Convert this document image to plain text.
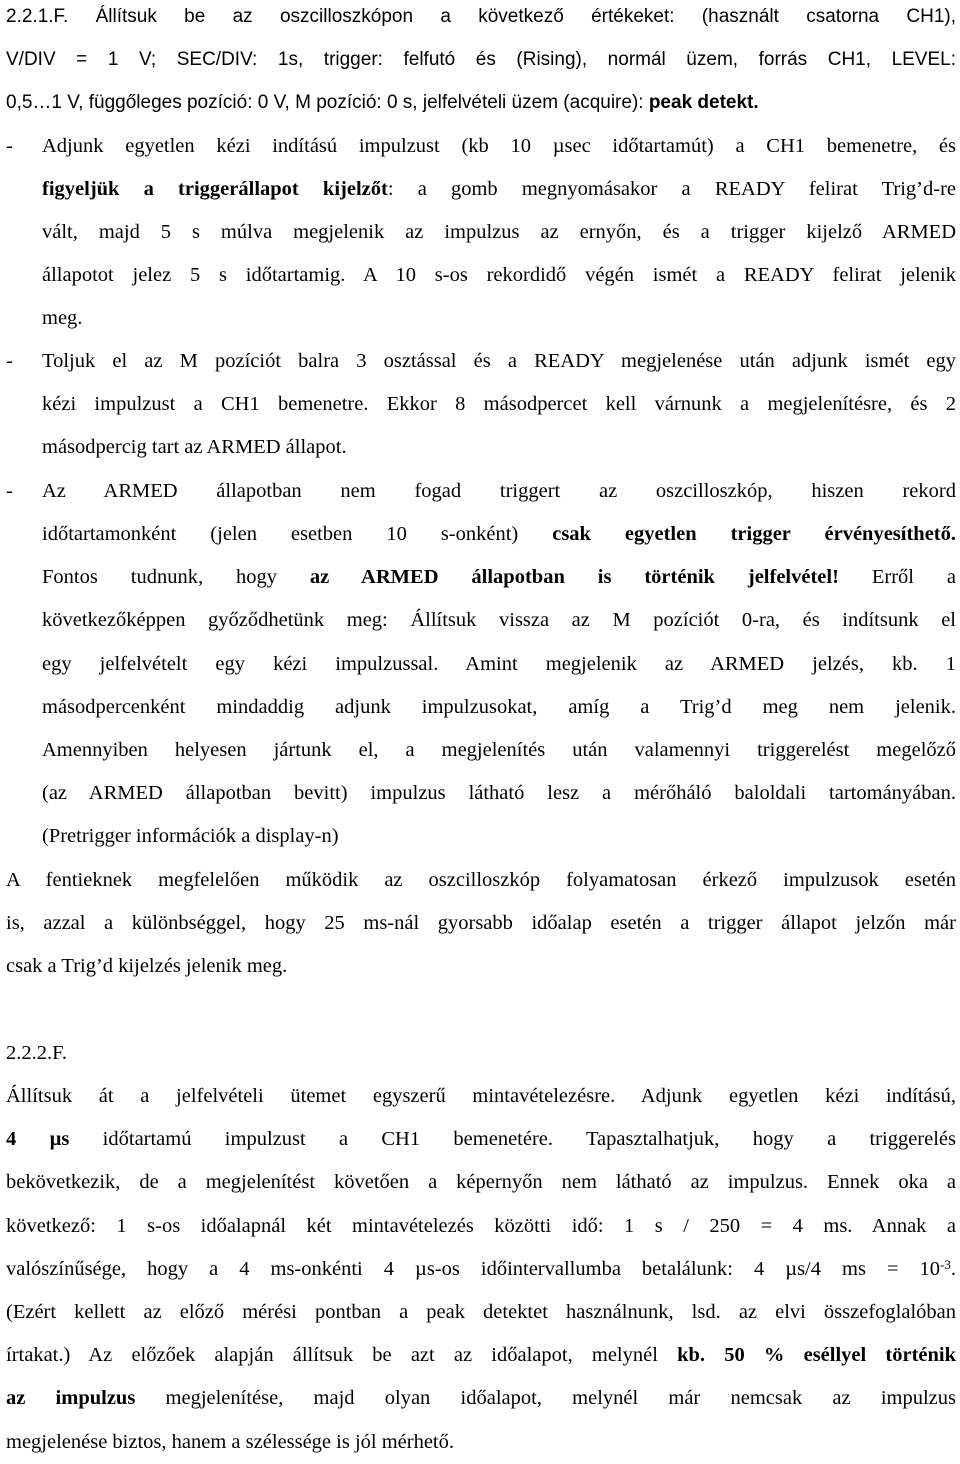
2.2.1.F. Állítsuk be az oszcilloszkópon a következő értékeket: (használt csatorna CH1),
V/DIV = 1 V; SEC/DIV: 1s, trigger: felfutó és (Rising), normál üzem, forrás CH1, LEVEL:
0,5…1 V, függőleges pozíció: 0 V, M pozíció: 0 s, jelfelvételi üzem (acquire): peak detekt.
- Adjunk egyetlen kézi indítású impulzust (kb 10 µsec időtartamút) a CH1 bemenetre, és
figyeljük a triggerállapot kijelzőt: a gomb megnyomásakor a READY felirat Trig’d-re
vált, majd 5 s múlva megjelenik az impulzus az ernyőn, és a trigger kijelző ARMED
állapotot jelez 5 s időtartamig. A 10 s-os rekordidő végén ismét a READY felirat jelenik
meg.
- Toljuk el az M pozíciót balra 3 osztással és a READY megjelenése után adjunk ismét egy
kézi impulzust a CH1 bemenetre. Ekkor 8 másodpercet kell várnunk a megjelenítésre, és 2
másodpercig tart az ARMED állapot.
- Az ARMED állapotban nem fogad triggert az oszcilloszkóp, hiszen rekord
időtartamonként (jelen esetben 10 s-onként) csak egyetlen trigger érvényesíthető.
Fontos tudnunk, hogy az ARMED állapotban is történik jelfelvétel! Erről a
következőképpen győződhetünk meg: Állítsuk vissza az M pozíciót 0-ra, és indítsunk el
egy jelfelvételt egy kézi impulzussal. Amint megjelenik az ARMED jelzés, kb. 1
másodpercenként mindaddig adjunk impulzusokat, amíg a Trig’d meg nem jelenik.
Amennyiben helyesen jártunk el, a megjelenítés után valamennyi triggerelést megelőző
(az ARMED állapotban bevitt) impulzus látható lesz a mérőháló baloldali tartományában.
(Pretrigger információk a display-n)
A fentieknek megfelelően működik az oszcilloszkóp folyamatosan érkező impulzusok esetén
is, azzal a különbséggel, hogy 25 ms-nál gyorsabb időalap esetén a trigger állapot jelzőn már
csak a Trig’d kijelzés jelenik meg.
2.2.2.F.
Állítsuk át a jelfelvételi ütemet egyszerű mintavételezésre. Adjunk egyetlen kézi indítású,
4 µs időtartamú impulzust a CH1 bemenetére. Tapasztalhatjuk, hogy a triggerelés
bekövetkezik, de a megjelenítést követően a képernyőn nem látható az impulzus. Ennek oka a
következő: 1 s-os időalapnál két mintavételezés közötti idő: 1 s / 250 = 4 ms. Annak a
valószínűsége, hogy a 4 ms-onkénti 4 µs-os időintervallumba betalálunk: 4 µs/4 ms = $10^{-3}$.
(Ezért kellett az előző mérési pontban a peak detektet használnunk, lsd. az elvi összefoglalóban
írtakat.) Az előzőek alapján állítsuk be azt az időalapot, melynél kb. 50 % eséllyel történik
az impulzus megjelenítése, majd olyan időalapot, melynél már nemcsak az impulzus
megjelenése biztos, hanem a szélessége is jól mérhető.
